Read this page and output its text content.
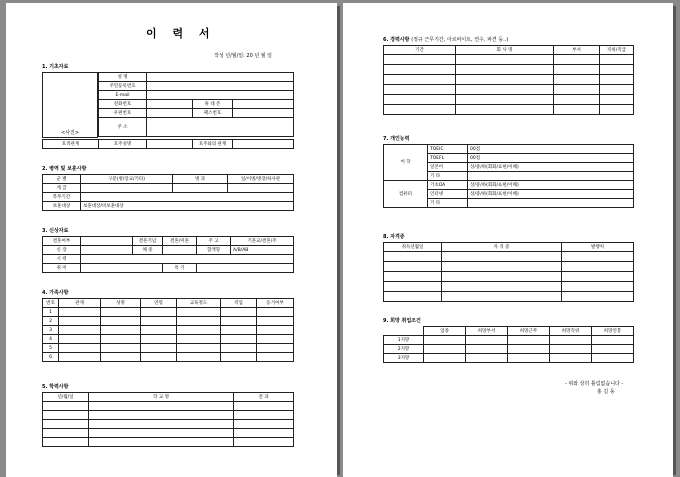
이 력 서
작성 년/월/일: 20 년 월 일
1. 기초자료
<사진>
성 명			
주민등록번호			
E-mail			
전화번호		휴 대 폰	
우편번호		팩스번호	
주 소			
호적관계	호주성명		호주와의 관계	
2. 병역 및 보훈사항
군 별	구분(병/장교/기타)	병 과	일/이병/병장/하사관
계 급			
복무기간			
보훈대상	보훈대상/비보훈대상		
3. 신상자료
결혼여부		결혼기념	결혼/미혼	주 고	기혼교/결혼/주
신 장		체 중		혈액형	A/B/AB
시 력					
취 미			특 기		
4. 가족사항
번호	관계	성명	연령	교육정도	직업	동거여부
1						
2						
3						
4						
5						
6						
5. 학력사항
년/월/일	학 교 명	전 과

6. 경력사항 (정규 근무기간, 아르바이트, 연수, 파견 등..)
기간	회 사 명	부서	직위/직급

7. 개인능력
어 학	TOEIC	00점
	TOEFL	00점
	일본어	상/중/하(회화/표현/이해)
	기 타	
컴퓨터	기초OA	상/중/하(회화/표현/이해)
	인터넷	상/중/하(회화/표현/이해)
	기 타	
8. 자격증
취득년월일	자 격 증	발행처

9. 희망 취업조건
	업종	희망부서	희망근무	희망직위	희망연봉
1지망					
2지망					
3지망					
- 위와 상히 틀림없습니다 -
홍 길 동
